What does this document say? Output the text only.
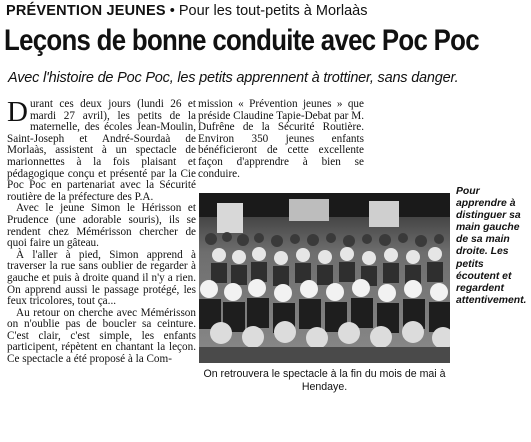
PRÉVENTION JEUNES • Pour les tout-petits à Morlaàs
Leçons de bonne conduite avec Poc Poc
Avec l'histoire de Poc Poc, les petits apprennent à trottiner, sans danger.

Durant ces deux jours (lundi 26 et mardi 27 avril), les petits de la maternelle, des écoles Jean-Moulin, Saint-Joseph et André-Sourdaà de Morlaàs, assistent à un spectacle de marionnettes à la fois plaisant et pédagogique conçu et présenté par la Cie Poc Poc en partenariat avec la Sécurité routière de la préfecture des P.A.

Avec le jeune Simon le Hérisson et Prudence (une adorable souris), ils se rendent chez Mémérisson chercher de quoi faire un gâteau.

À l'aller à pied, Simon apprend à traverser la rue sans oublier de regarder à gauche et puis à droite quand il n'y a rien. On apprend aussi le passage protégé, les feux tricolores, tout ça...

Au retour on cherche avec Mémérisson on n'oublie pas de boucler sa ceinture. C'est clair, c'est simple, les enfants participent, répètent en chantant la leçon. Ce spectacle a été proposé à la Com-

mission « Prévention jeunes » que préside Claudine Tapie-Debat par M. Dufrêne de la Sécurité Routière. Environ 350 jeunes enfants bénéficieront de cette excellente façon d'apprendre à bien se conduire.

Pour apprendre à distinguer sa main gauche de sa main droite. Les petits écoutent et regardent attentivement.
On retrouvera le spectacle à la fin du mois de mai à Hendaye.
